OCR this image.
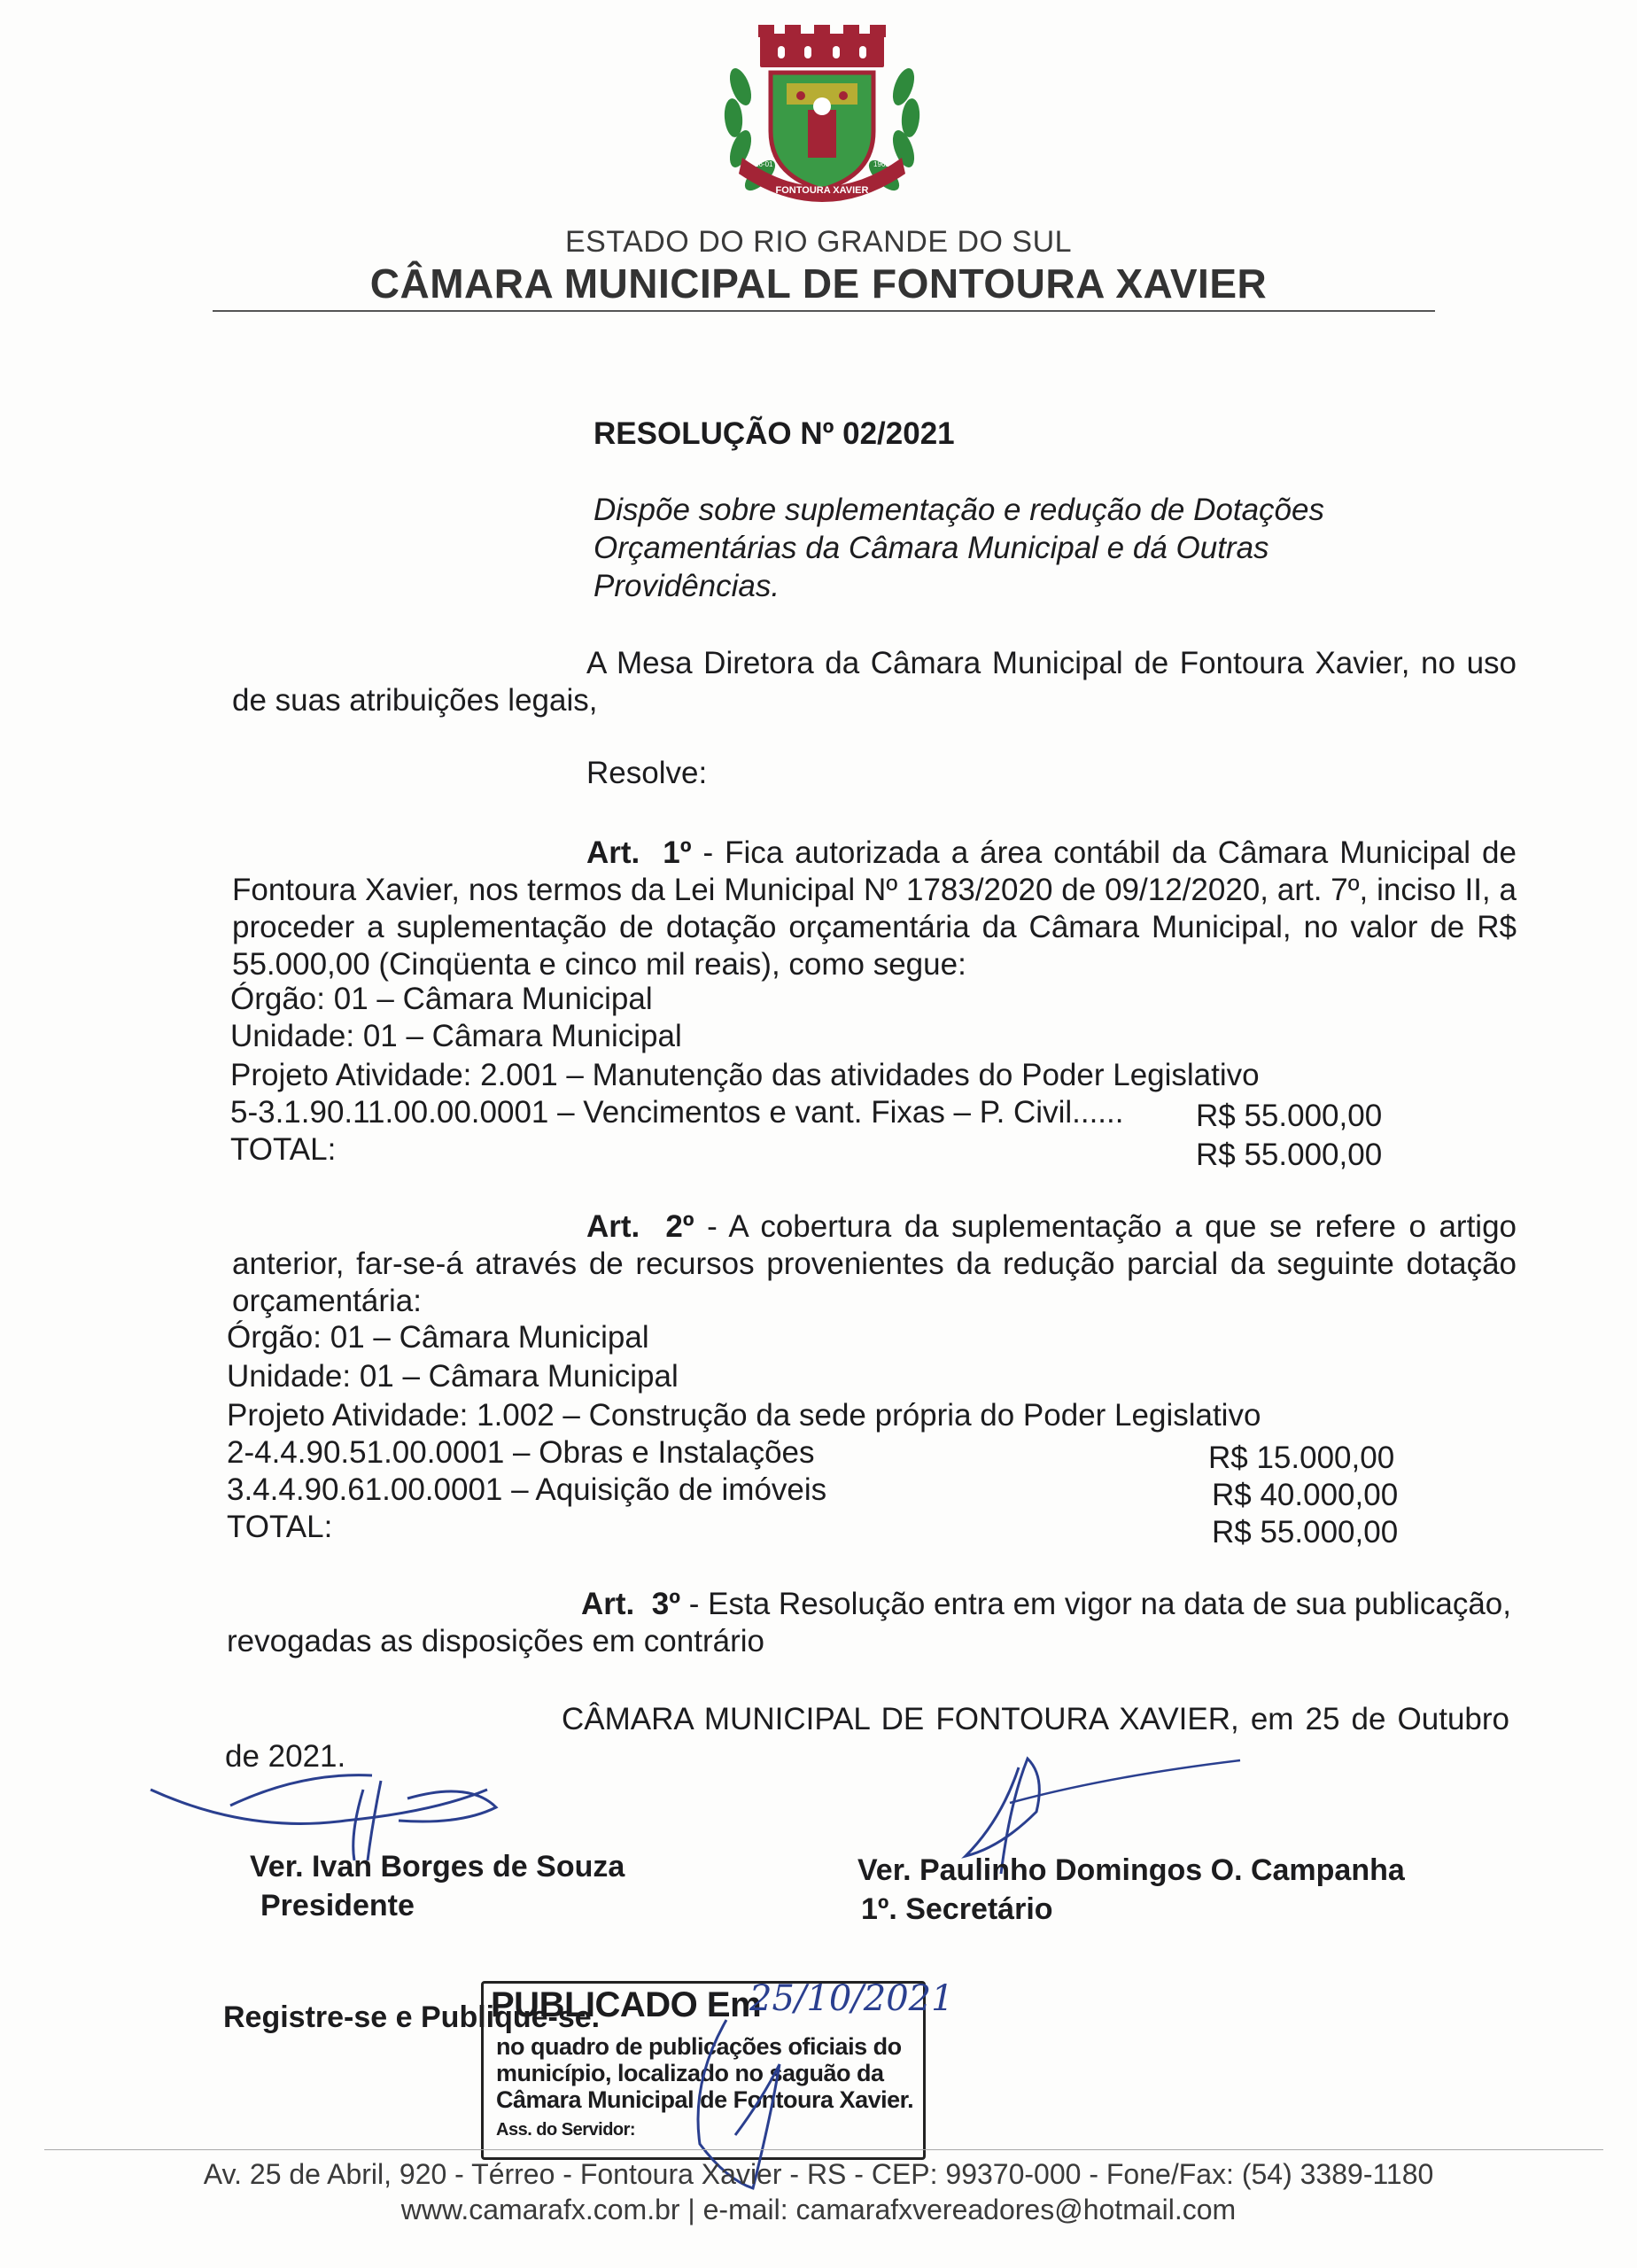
FONTOURA XAVIER
16-01	1965
ESTADO DO RIO GRANDE DO SUL
CÂMARA MUNICIPAL DE FONTOURA XAVIER
RESOLUÇÃO Nº 02/2021
Dispõe sobre suplementação e redução de Dotações Orçamentárias da Câmara Municipal e dá Outras Providências.
A Mesa Diretora da Câmara Municipal de Fontoura Xavier, no uso de suas atribuições legais,
Resolve:
Art. 1º - Fica autorizada a área contábil da Câmara Municipal de Fontoura Xavier, nos termos da Lei Municipal Nº 1783/2020 de 09/12/2020, art. 7º, inciso II, a proceder a suplementação de dotação orçamentária da Câmara Municipal, no valor de R$ 55.000,00 (Cinqüenta e cinco mil reais), como segue:
Órgão: 01 – Câmara Municipal
Unidade: 01 – Câmara Municipal
Projeto Atividade: 2.001 – Manutenção das atividades do Poder Legislativo
5-3.1.90.11.00.00.0001 – Vencimentos e vant. Fixas – P. Civil...... R$ 55.000,00
TOTAL:	R$ 55.000,00
Art. 2º - A cobertura da suplementação a que se refere o artigo anterior, far-se-á através de recursos provenientes da redução parcial da seguinte dotação orçamentária:
Órgão: 01 – Câmara Municipal
Unidade: 01 – Câmara Municipal
Projeto Atividade: 1.002 – Construção da sede própria do Poder Legislativo
2-4.4.90.51.00.0001 – Obras e Instalações	R$ 15.000,00
3.4.4.90.61.00.0001 – Aquisição de imóveis	R$ 40.000,00
TOTAL:	R$ 55.000,00
Art. 3º - Esta Resolução entra em vigor na data de sua publicação, revogadas as disposições em contrário
CÂMARA MUNICIPAL DE FONTOURA XAVIER, em 25 de Outubro de 2021.
Ver. Ivan Borges de Souza
Presidente
Ver. Paulinho Domingos O. Campanha
1º. Secretário
Registre-se e Publique-se.
PUBLICADO Em
25/10/2021
no quadro de publicações oficiais do
município, localizado no saguão da
Câmara Municipal de Fontoura Xavier.
Ass. do Servidor:
Av. 25 de Abril, 920 - Térreo - Fontoura Xavier - RS - CEP: 99370-000 - Fone/Fax: (54) 3389-1180
www.camarafx.com.br | e-mail: camarafxvereadores@hotmail.com
